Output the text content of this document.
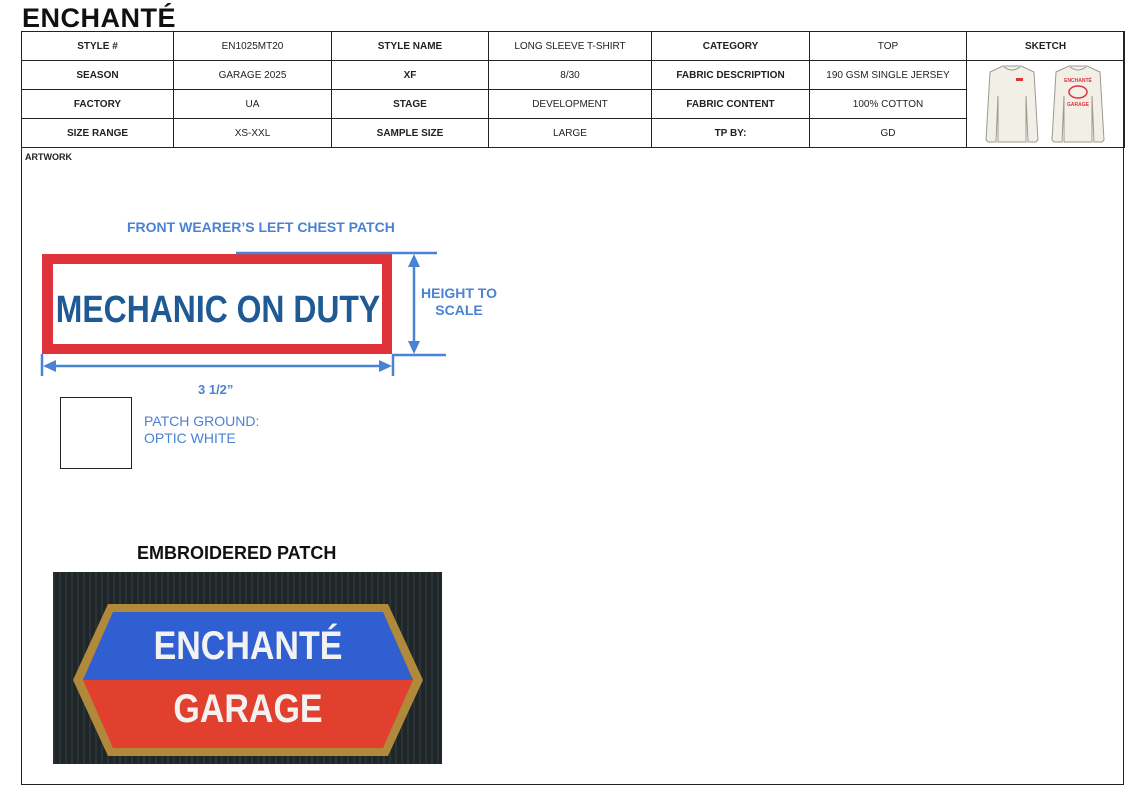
ENCHANTÉ
STYLE #	EN1025MT20	STYLE NAME	LONG SLEEVE T-SHIRT	CATEGORY	TOP	SKETCH
SEASON	GARAGE 2025	XF	8/30	FABRIC DESCRIPTION	190 GSM SINGLE JERSEY	ENCHANTÉ
GARAGE

FACTORY	UA	STAGE	DEVELOPMENT	FABRIC CONTENT	100% COTTON	
SIZE RANGE	XS-XXL	SAMPLE SIZE	LARGE	TP BY:	GD	
ARTWORK
FRONT WEARER’S LEFT CHEST PATCH
MECHANIC ON DUTY	HEIGHT TO
SCALE
3 1/2”
PATCH GROUND:
OPTIC WHITE
EMBROIDERED PATCH
ENCHANTÉ
GARAGE
